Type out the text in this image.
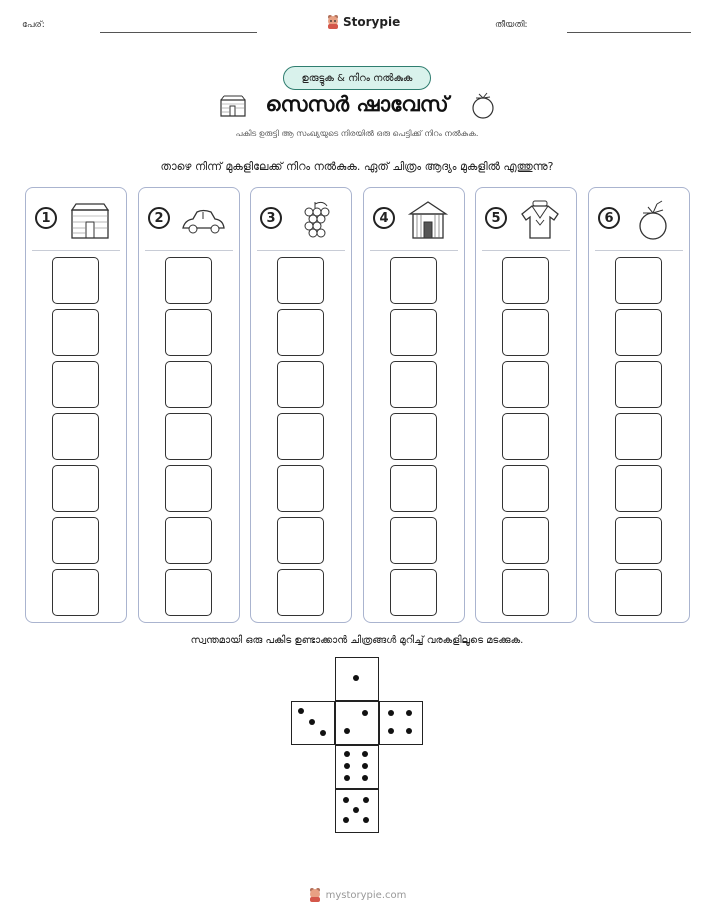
പേര്:	Storypie	തീയതി:
ഉരുട്ടുക & നിറം നൽകുക
സെസർ ഷാവേസ്
പകിട ഉരുട്ടി ആ സംഖ്യയുടെ നിരയിൽ ഒരു പെട്ടിക്ക് നിറം നൽകുക.
താഴെ നിന്ന് മുകളിലേക്ക് നിറം നൽകുക. ഏത് ചിത്രം ആദ്യം മുകളിൽ എത്തുന്നു?
1	2	3	4	5	6
സ്വന്തമായി ഒരു പകിട ഉണ്ടാക്കാൻ ചിത്രങ്ങൾ മുറിച്ച് വരകളിലൂടെ മടക്കുക.
mystorypie.com
